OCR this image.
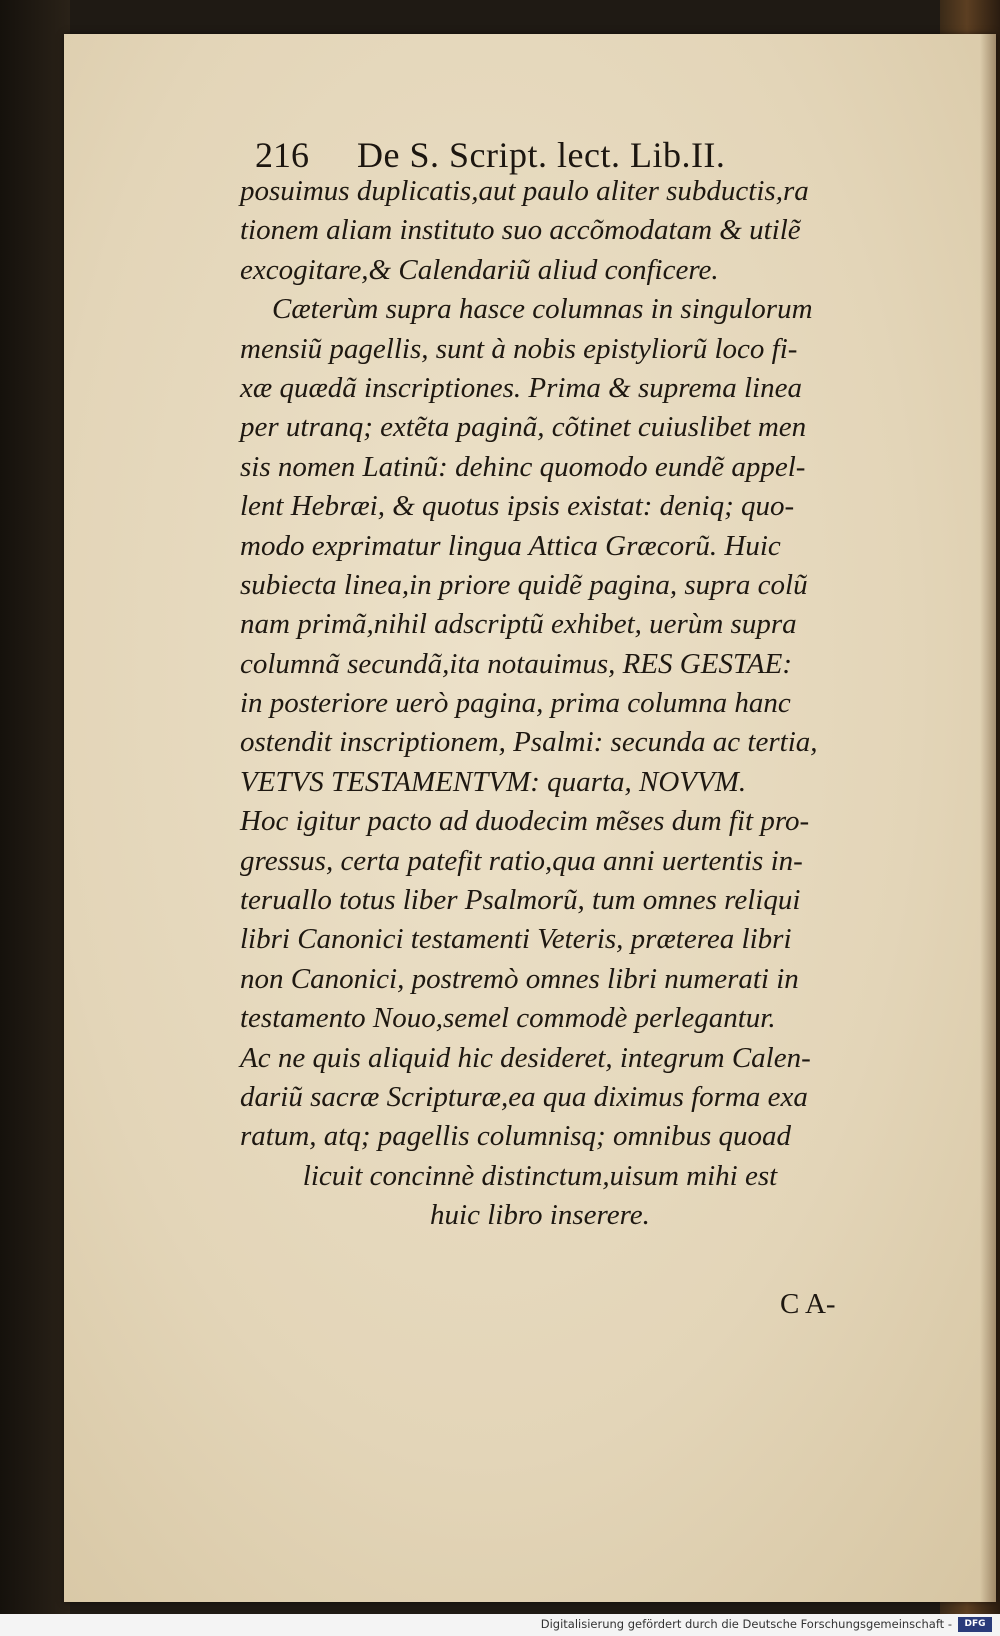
216 De S. Script. lect. Lib.II.
posuimus duplicatis,aut paulo aliter subductis,ra
tionem aliam instituto suo accõmodatam & utilẽ
excogitare,& Calendariũ aliud conficere.
Cæterùm supra hasce columnas in singulorum
mensiũ pagellis, sunt à nobis epistyliorũ loco fi-
xæ quædã inscriptiones. Prima & suprema linea
per utranq; extẽta paginã, cõtinet cuiuslibet men
sis nomen Latinũ: dehinc quomodo eundẽ appel-
lent Hebræi, & quotus ipsis existat: deniq; quo-
modo exprimatur lingua Attica Græcorũ. Huic
subiecta linea,in priore quidẽ pagina, supra colũ
nam primã,nihil adscriptũ exhibet, uerùm supra
columnã secundã,ita notauimus, RES GESTAE:
in posteriore uerò pagina, prima columna hanc
ostendit inscriptionem, Psalmi: secunda ac tertia,
VETVS TESTAMENTVM: quarta, NOVVM.
Hoc igitur pacto ad duodecim mẽses dum fit pro-
gressus, certa patefit ratio,qua anni uertentis in-
teruallo totus liber Psalmorũ, tum omnes reliqui
libri Canonici testamenti Veteris, præterea libri
non Canonici, postremò omnes libri numerati in
testamento Nouo,semel commodè perlegantur.
Ac ne quis aliquid hic desideret, integrum Calen-
dariũ sacræ Scripturæ,ea qua diximus forma exa
ratum, atq; pagellis columnisq; omnibus quoad
licuit concinnè distinctum,uisum mihi est
huic libro inserere.
C A-
Digitalisierung gefördert durch die Deutsche Forschungsgemeinschaft -	DFG
